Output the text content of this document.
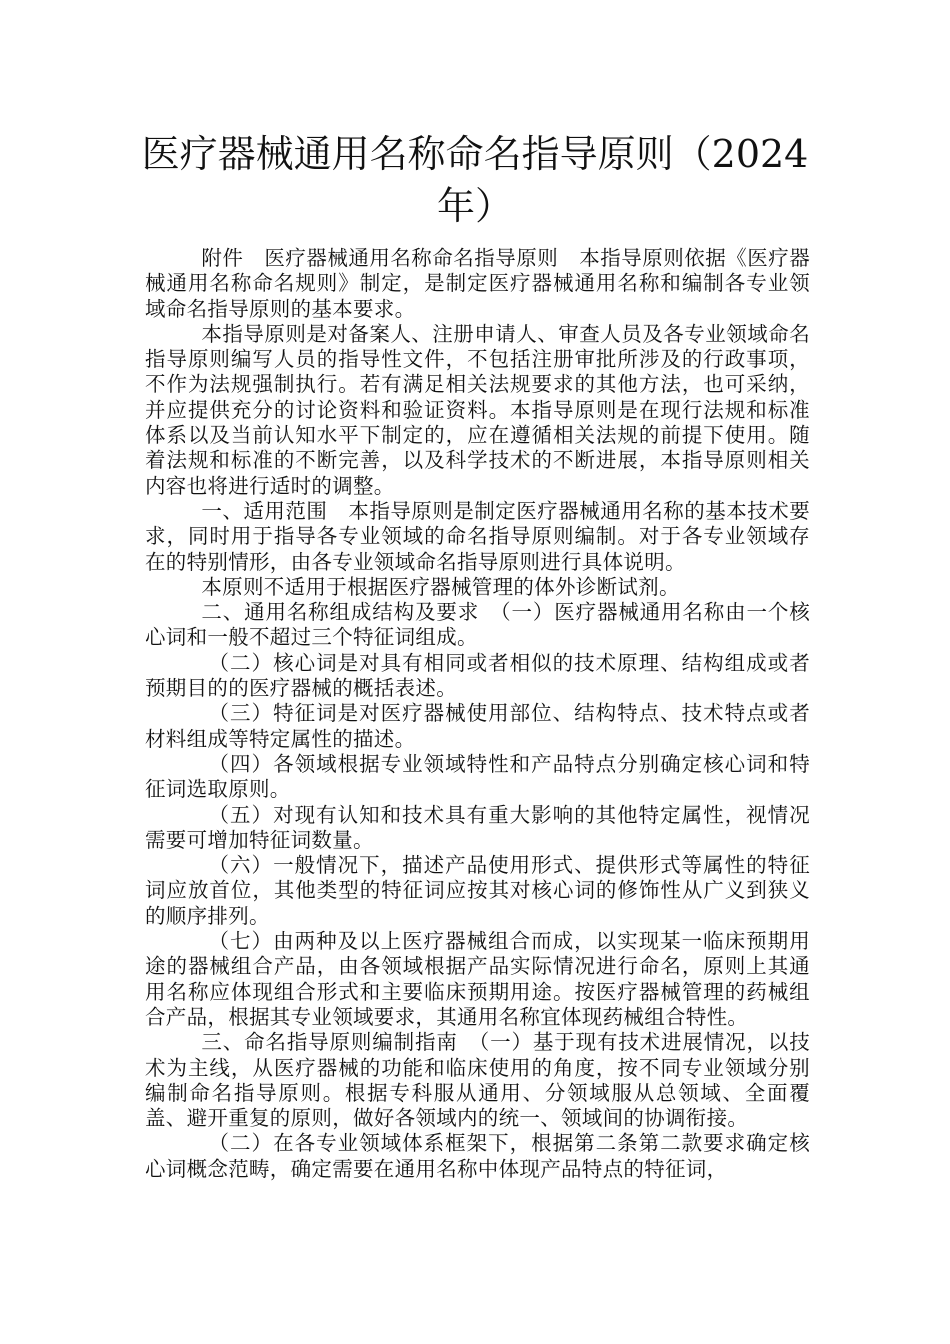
医疗器械通用名称命名指导原则（2024年）

附件　医疗器械通用名称命名指导原则　本指导原则依据《医疗器械通用名称命名规则》制定，是制定医疗器械通用名称和编制各专业领域命名指导原则的基本要求。

本指导原则是对备案人、注册申请人、审查人员及各专业领域命名指导原则编写人员的指导性文件，不包括注册审批所涉及的行政事项，不作为法规强制执行。若有满足相关法规要求的其他方法，也可采纳，并应提供充分的讨论资料和验证资料。本指导原则是在现行法规和标准体系以及当前认知水平下制定的，应在遵循相关法规的前提下使用。随着法规和标准的不断完善，以及科学技术的不断进展，本指导原则相关内容也将进行适时的调整。

一、适用范围　本指导原则是制定医疗器械通用名称的基本技术要求，同时用于指导各专业领域的命名指导原则编制。对于各专业领域存在的特别情形，由各专业领域命名指导原则进行具体说明。

本原则不适用于根据医疗器械管理的体外诊断试剂。

二、通用名称组成结构及要求　（一）医疗器械通用名称由一个核心词和一般不超过三个特征词组成。

（二）核心词是对具有相同或者相似的技术原理、结构组成或者预期目的的医疗器械的概括表述。

（三）特征词是对医疗器械使用部位、结构特点、技术特点或者材料组成等特定属性的描述。

（四）各领域根据专业领域特性和产品特点分别确定核心词和特征词选取原则。

（五）对现有认知和技术具有重大影响的其他特定属性，视情况需要可增加特征词数量。

（六）一般情况下，描述产品使用形式、提供形式等属性的特征词应放首位，其他类型的特征词应按其对核心词的修饰性从广义到狭义的顺序排列。

（七）由两种及以上医疗器械组合而成，以实现某一临床预期用途的器械组合产品，由各领域根据产品实际情况进行命名，原则上其通用名称应体现组合形式和主要临床预期用途。按医疗器械管理的药械组合产品，根据其专业领域要求，其通用名称宜体现药械组合特性。

三、命名指导原则编制指南　（一）基于现有技术进展情况，以技术为主线，从医疗器械的功能和临床使用的角度，按不同专业领域分别编制命名指导原则。根据专科服从通用、分领域服从总领域、全面覆盖、避开重复的原则，做好各领域内的统一、领域间的协调衔接。

（二）在各专业领域体系框架下，根据第二条第二款要求确定核心词概念范畴，确定需要在通用名称中体现产品特点的特征词，
